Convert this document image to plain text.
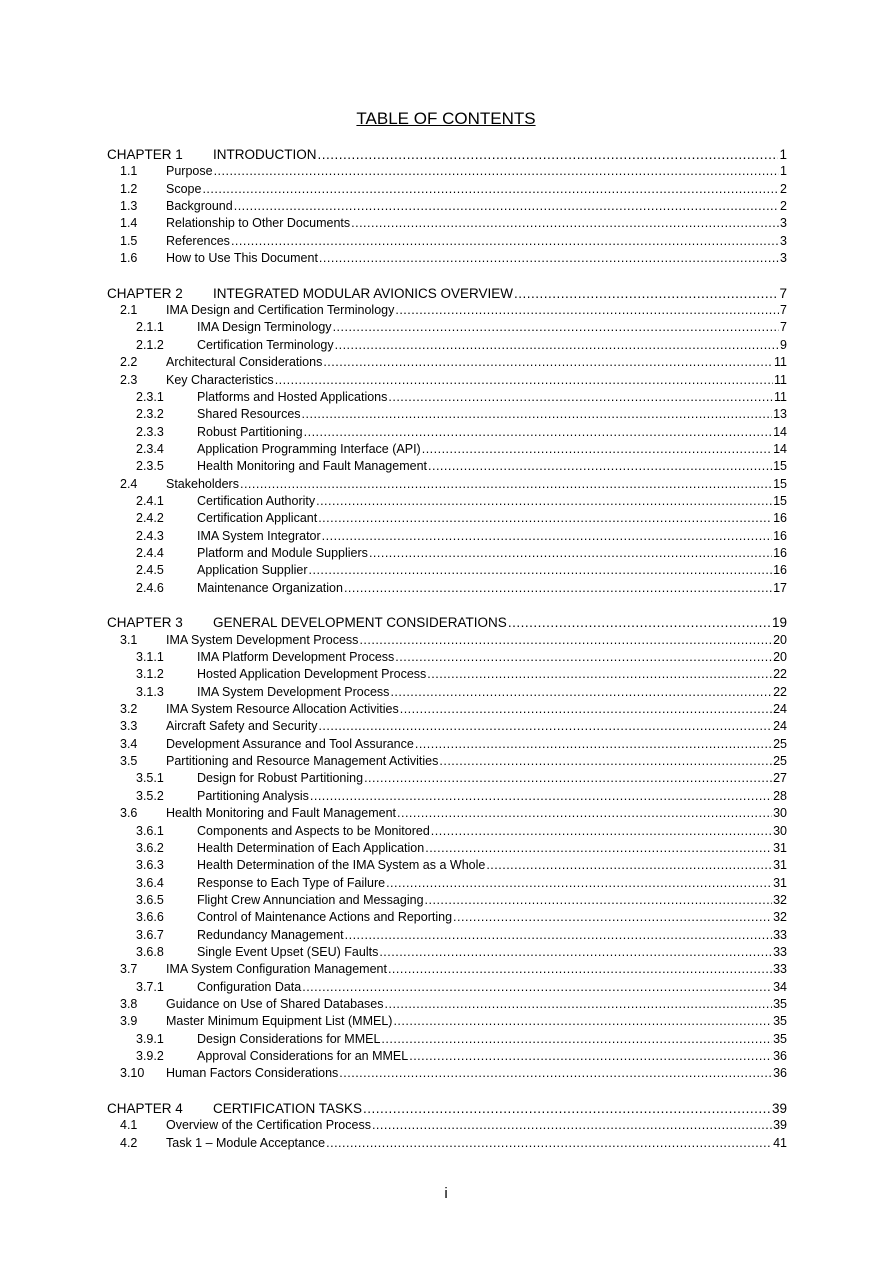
TABLE OF CONTENTS
CHAPTER 1	INTRODUCTION .....	1
1.1	Purpose .....	1
1.2	Scope .....	2
1.3	Background .....	2
1.4	Relationship to Other Documents .....	3
1.5	References .....	3
1.6	How to Use This Document .....	3
CHAPTER 2	INTEGRATED MODULAR AVIONICS OVERVIEW .....	7
2.1	IMA Design and Certification Terminology .....	7
2.1.1	IMA Design Terminology .....	7
2.1.2	Certification Terminology .....	9
2.2	Architectural Considerations .....	11
2.3	Key Characteristics .....	11
2.3.1	Platforms and Hosted Applications .....	11
2.3.2	Shared Resources .....	13
2.3.3	Robust Partitioning .....	14
2.3.4	Application Programming Interface (API) .....	14
2.3.5	Health Monitoring and Fault Management .....	15
2.4	Stakeholders .....	15
2.4.1	Certification Authority .....	15
2.4.2	Certification Applicant .....	16
2.4.3	IMA System Integrator .....	16
2.4.4	Platform and Module Suppliers .....	16
2.4.5	Application Supplier .....	16
2.4.6	Maintenance Organization .....	17
CHAPTER 3	GENERAL DEVELOPMENT CONSIDERATIONS .....	19
3.1	IMA System Development Process .....	20
3.1.1	IMA Platform Development Process .....	20
3.1.2	Hosted Application Development Process .....	22
3.1.3	IMA System Development Process .....	22
3.2	IMA System Resource Allocation Activities .....	24
3.3	Aircraft Safety and Security .....	24
3.4	Development Assurance and Tool Assurance .....	25
3.5	Partitioning and Resource Management Activities .....	25
3.5.1	Design for Robust Partitioning .....	27
3.5.2	Partitioning Analysis .....	28
3.6	Health Monitoring and Fault Management .....	30
3.6.1	Components and Aspects to be Monitored .....	30
3.6.2	Health Determination of Each Application .....	31
3.6.3	Health Determination of the IMA System as a Whole .....	31
3.6.4	Response to Each Type of Failure .....	31
3.6.5	Flight Crew Annunciation and Messaging .....	32
3.6.6	Control of Maintenance Actions and Reporting .....	32
3.6.7	Redundancy Management .....	33
3.6.8	Single Event Upset (SEU) Faults .....	33
3.7	IMA System Configuration Management .....	33
3.7.1	Configuration Data .....	34
3.8	Guidance on Use of Shared Databases .....	35
3.9	Master Minimum Equipment List (MMEL) .....	35
3.9.1	Design Considerations for MMEL .....	35
3.9.2	Approval Considerations for an MMEL .....	36
3.10	Human Factors Considerations .....	36
CHAPTER 4	CERTIFICATION TASKS .....	39
4.1	Overview of the Certification Process .....	39
4.2	Task 1 – Module Acceptance .....	41
i
